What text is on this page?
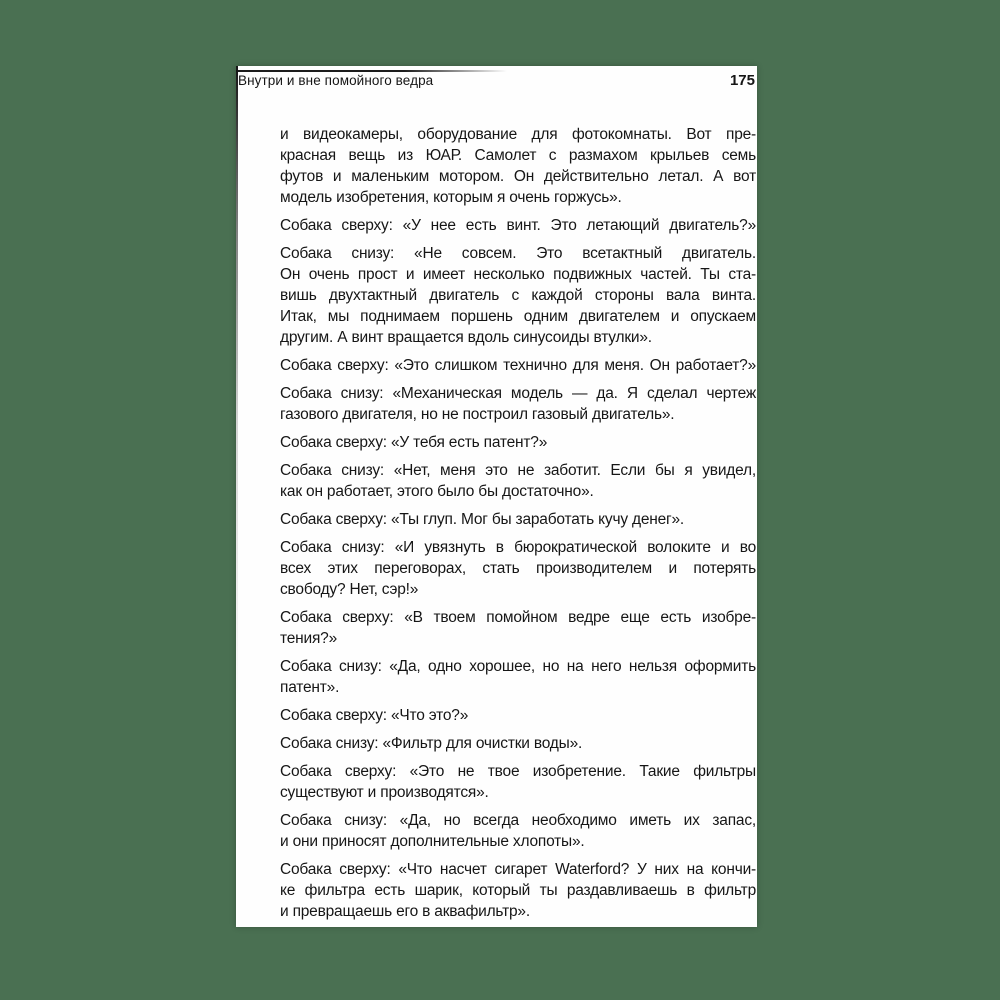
Внутри и вне помойного ведра	175
и видеокамеры, оборудование для фотокомнаты. Вот пре-
красная вещь из ЮАР. Самолет с размахом крыльев семь
футов и маленьким мотором. Он действительно летал. А вот
модель изобретения, которым я очень горжусь».
Собака сверху: «У нее есть винт. Это летающий двигатель?»
Собака снизу: «Не совсем. Это всетактный двигатель.
Он очень прост и имеет несколько подвижных частей. Ты ста-
вишь двухтактный двигатель с каждой стороны вала винта.
Итак, мы поднимаем поршень одним двигателем и опускаем
другим. А винт вращается вдоль синусоиды втулки».
Собака сверху: «Это слишком технично для меня. Он работает?»
Собака снизу: «Механическая модель — да. Я сделал чертеж
газового двигателя, но не построил газовый двигатель».
Собака сверху: «У тебя есть патент?»
Собака снизу: «Нет, меня это не заботит. Если бы я увидел,
как он работает, этого было бы достаточно».
Собака сверху: «Ты глуп. Мог бы заработать кучу денег».
Собака снизу: «И увязнуть в бюрократической волоките и во
всех этих переговорах, стать производителем и потерять
свободу? Нет, сэр!»
Собака сверху: «В твоем помойном ведре еще есть изобре-
тения?»
Собака снизу: «Да, одно хорошее, но на него нельзя оформить
патент».
Собака сверху: «Что это?»
Собака снизу: «Фильтр для очистки воды».
Собака сверху: «Это не твое изобретение. Такие фильтры
существуют и производятся».
Собака снизу: «Да, но всегда необходимо иметь их запас,
и они приносят дополнительные хлопоты».
Собака сверху: «Что насчет сигарет Waterford? У них на кончи-
ке фильтра есть шарик, который ты раздавливаешь в фильтр
и превращаешь его в аквафильтр».
